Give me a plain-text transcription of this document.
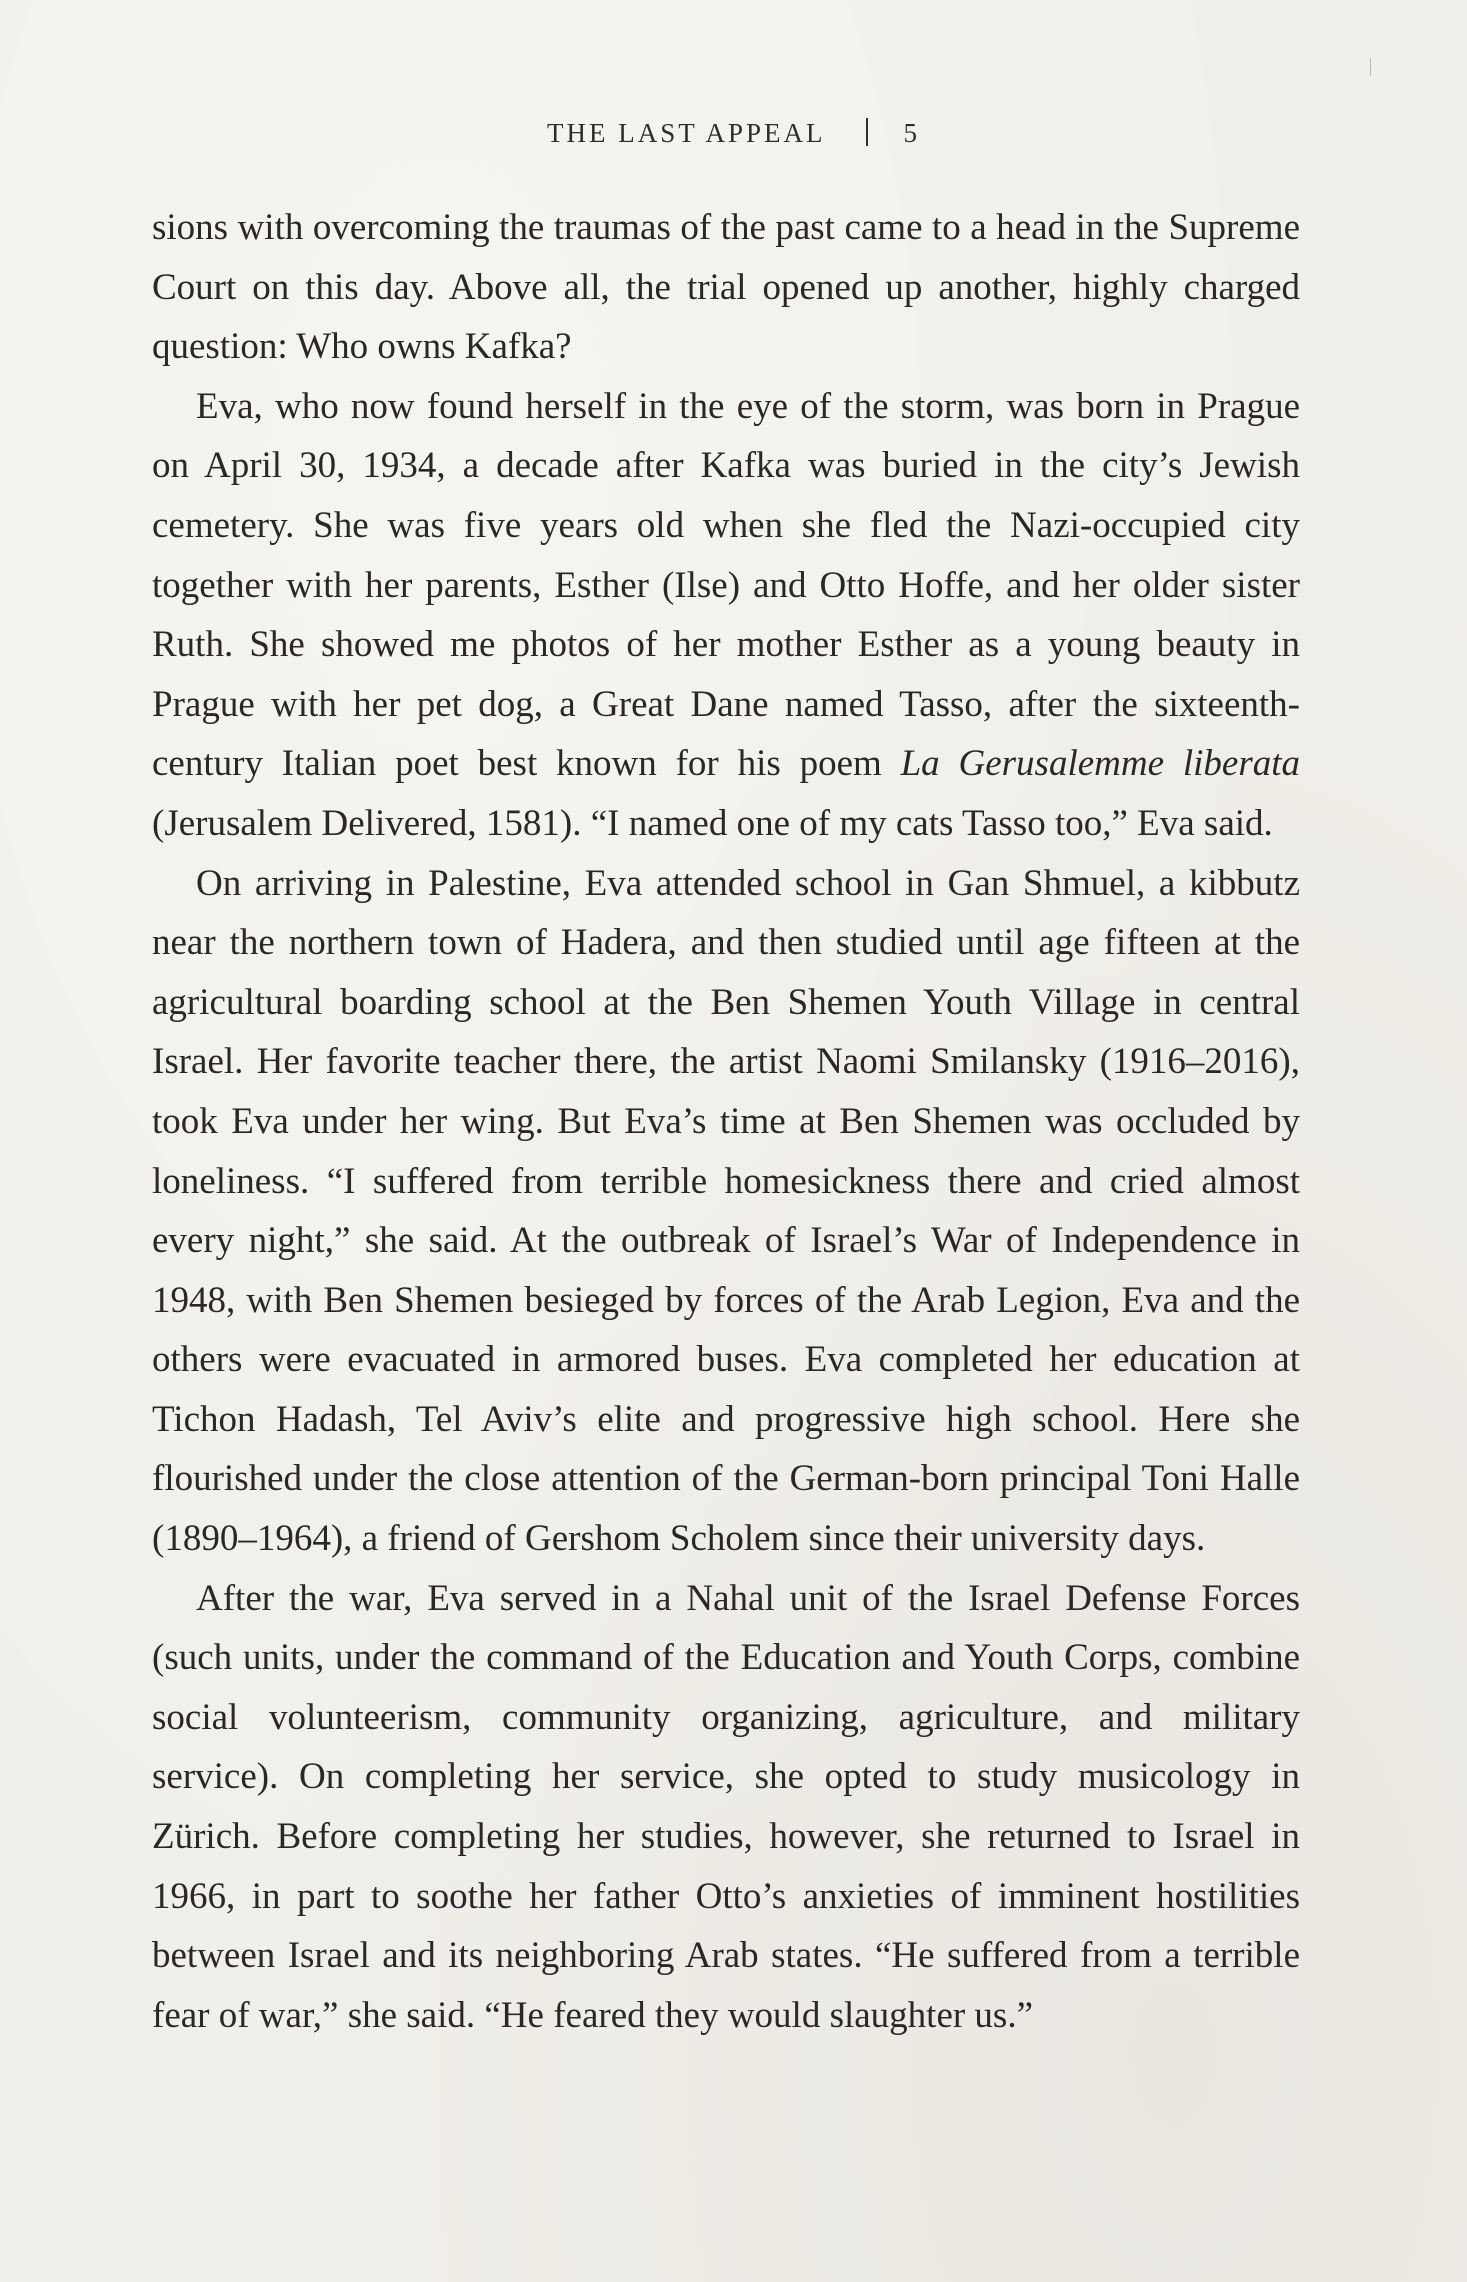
THE LAST APPEAL	5

sions with overcoming the traumas of the past came to a head in the Supreme Court on this day. Above all, the trial opened up another, highly charged question: Who owns Kafka?

Eva, who now found herself in the eye of the storm, was born in Prague on April 30, 1934, a decade after Kafka was buried in the city’s Jewish cemetery. She was five years old when she fled the Nazi-occupied city together with her parents, Esther (Ilse) and Otto Hoffe, and her older sister Ruth. She showed me photos of her mother Esther as a young beauty in Prague with her pet dog, a Great Dane named Tasso, after the sixteenth-century Italian poet best known for his poem La Gerusalemme liberata (Jerusalem Delivered, 1581). “I named one of my cats Tasso too,” Eva said.

On arriving in Palestine, Eva attended school in Gan Shmuel, a kibbutz near the northern town of Hadera, and then studied until age fifteen at the agricultural boarding school at the Ben Shemen Youth Village in central Israel. Her favorite teacher there, the artist Naomi Smilansky (1916–2016), took Eva under her wing. But Eva’s time at Ben Shemen was occluded by loneliness. “I suffered from terrible homesickness there and cried almost every night,” she said. At the outbreak of Israel’s War of Independence in 1948, with Ben Shemen besieged by forces of the Arab Legion, Eva and the others were evacuated in armored buses. Eva completed her education at Tichon Hadash, Tel Aviv’s elite and progressive high school. Here she flourished under the close attention of the German-born principal Toni Halle (1890–1964), a friend of Gershom Scholem since their university days.

After the war, Eva served in a Nahal unit of the Israel Defense Forces (such units, under the command of the Education and Youth Corps, combine social volunteerism, community organizing, agriculture, and military service). On completing her service, she opted to study musicology in Zürich. Before completing her studies, however, she returned to Israel in 1966, in part to soothe her father Otto’s anxieties of imminent hostilities between Israel and its neighboring Arab states. “He suffered from a terrible fear of war,” she said. “He feared they would slaughter us.”
